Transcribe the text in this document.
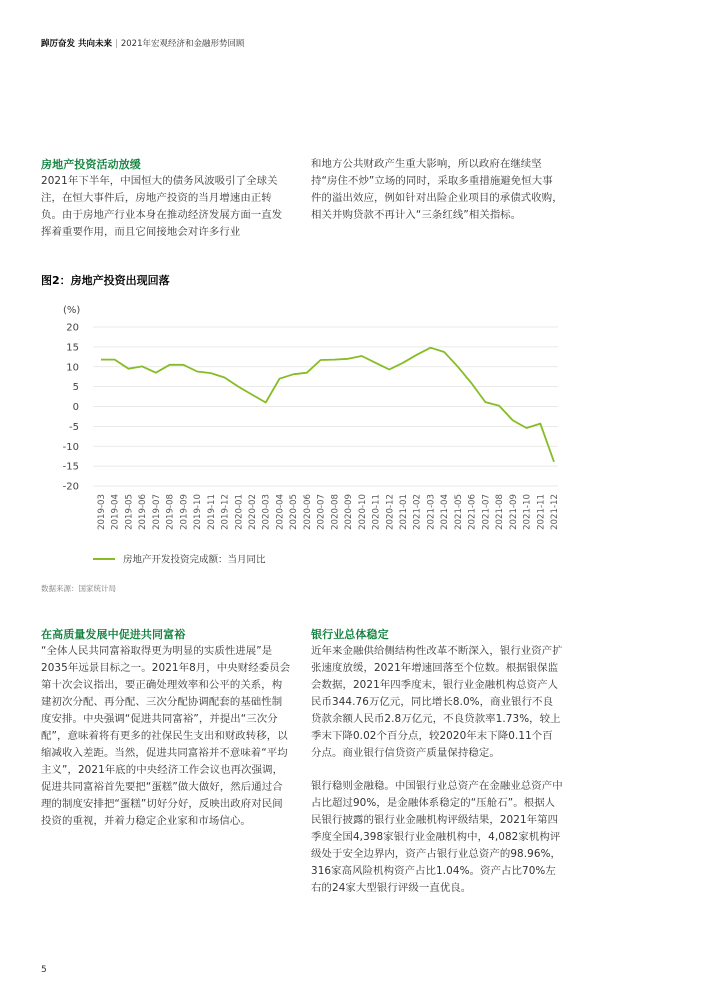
踔厉奋发 共向未来 | 2021年宏观经济和金融形势回顾

房地产投资活动放缓

2021年下半年，中国恒大的债务风波吸引了全球关注，在恒大事件后，房地产投资的当月增速由正转负。由于房地产行业本身在推动经济发展方面一直发挥着重要作用，而且它间接地会对许多行业

和地方公共财政产生重大影响，所以政府在继续坚持“房住不炒”立场的同时，采取多重措施避免恒大事件的溢出效应，例如针对出险企业项目的承债式收购，相关并购贷款不再计入“三条红线”相关指标。

图2：房地产投资出现回落
(%)
20
15
10
5
0
-5
-10
-15
-20
2019-03 2019-04 2019-05 2019-06 2019-07 2019-08 2019-09 2019-10 2019-11 2019-12 2020-01 2020-02 2020-03 2020-04 2020-05 2020-06 2020-07 2020-08 2020-09 2020-10 2020-11 2020-12 2021-01 2021-02 2021-03 2021-04 2021-05 2021-06 2021-07 2021-08 2021-09 2021-10 2021-11 2021-12
房地产开发投资完成额：当月同比
数据来源：国家统计局

在高质量发展中促进共同富裕

“全体人民共同富裕取得更为明显的实质性进展”是2035年远景目标之一。2021年8月，中央财经委员会第十次会议指出，要正确处理效率和公平的关系，构建初次分配、再分配、三次分配协调配套的基础性制度安排。中央强调“促进共同富裕”，并提出“三次分配”，意味着将有更多的社保民生支出和财政转移，以缩减收入差距。当然，促进共同富裕并不意味着“平均主义”，2021年底的中央经济工作会议也再次强调，促进共同富裕首先要把“蛋糕”做大做好，然后通过合理的制度安排把“蛋糕”切好分好，反映出政府对民间投资的重视，并着力稳定企业家和市场信心。

银行业总体稳定

近年来金融供给侧结构性改革不断深入，银行业资产扩张速度放缓，2021年增速回落至个位数。根据银保监会数据，2021年四季度末，银行业金融机构总资产人民币344.76万亿元，同比增长8.0%，商业银行不良贷款余额人民币2.8万亿元，不良贷款率1.73%，较上季末下降0.02个百分点，较2020年末下降0.11个百分点。商业银行信贷资产质量保持稳定。

银行稳则金融稳。中国银行业总资产在金融业总资产中占比超过90%，是金融体系稳定的“压舱石”。根据人民银行披露的银行业金融机构评级结果，2021年第四季度全国4,398家银行业金融机构中，4,082家机构评级处于安全边界内，资产占银行业总资产的98.96%，316家高风险机构资产占比1.04%。资产占比70%左右的24家大型银行评级一直优良。

5
